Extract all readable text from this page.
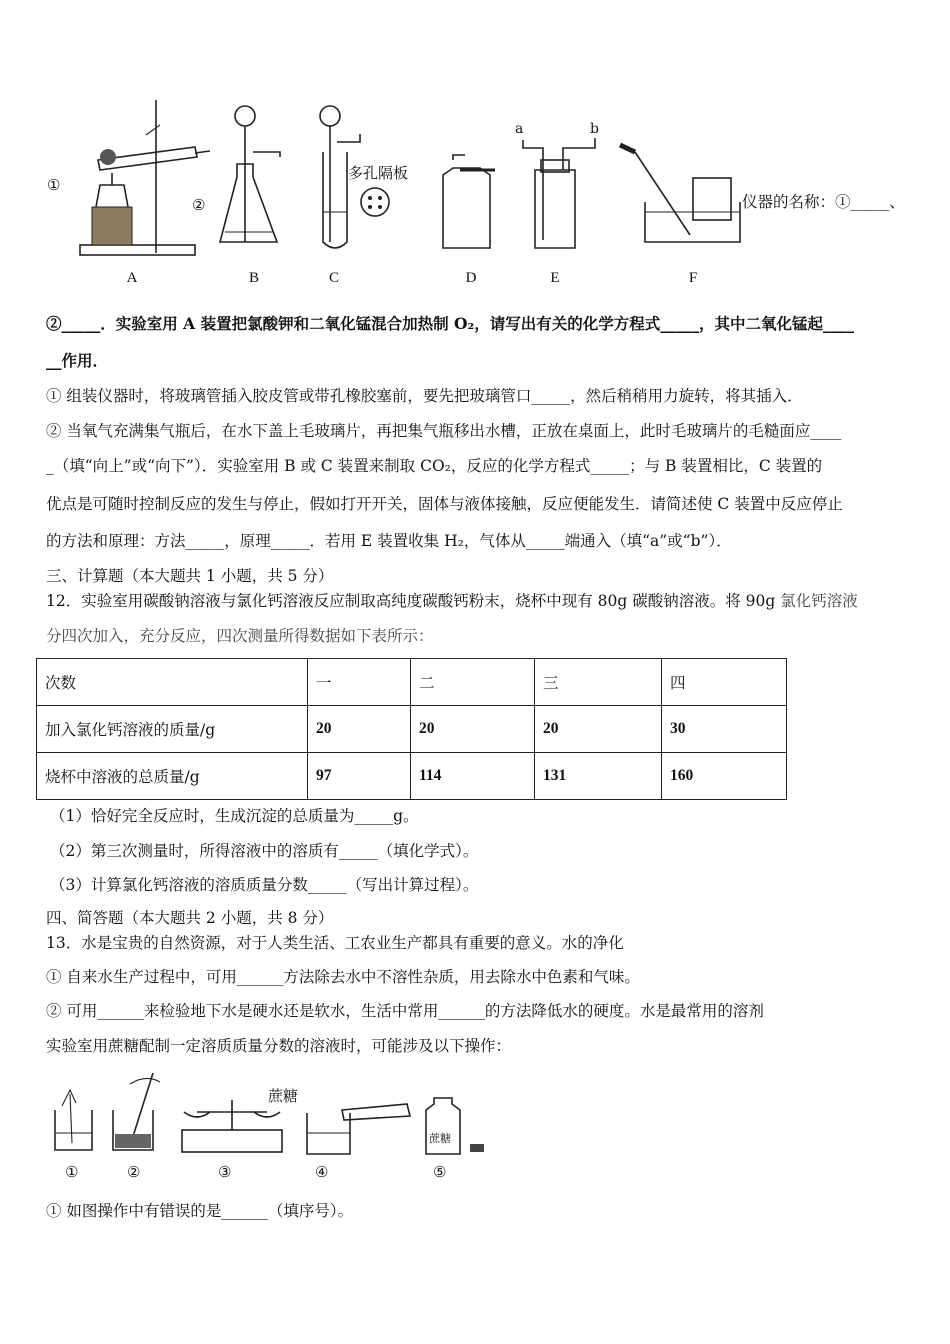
①
②
多孔隔板
a	b
A	B	C	D	E	F
仪器的名称：①_____、
②_____．实验室用 A 装置把氯酸钾和二氧化锰混合加热制 O₂，请写出有关的化学方程式_____，其中二氧化锰起____
__作用．
① 组装仪器时，将玻璃管插入胶皮管或带孔橡胶塞前，要先把玻璃管口_____，然后稍稍用力旋转，将其插入．
② 当氧气充满集气瓶后，在水下盖上毛玻璃片，再把集气瓶移出水槽，正放在桌面上，此时毛玻璃片的毛糙面应____
_（填“向上”或“向下”）．实验室用 B 或 C 装置来制取 CO₂，反应的化学方程式_____；与 B 装置相比，C 装置的
优点是可随时控制反应的发生与停止，假如打开开关，固体与液体接触，反应便能发生．请简述使 C 装置中反应停止
的方法和原理：方法_____，原理_____．若用 E 装置收集 H₂，气体从_____端通入（填“a”或“b”）．
三、计算题（本大题共 1 小题，共 5 分）
12．实验室用碳酸钠溶液与氯化钙溶液反应制取高纯度碳酸钙粉末，烧杯中现有 80g 碳酸钠溶液。将 90g 氯化钙溶液
分四次加入，充分反应，四次测量所得数据如下表所示：
次数	一	二	三	四
加入氯化钙溶液的质量/g	20	20	20	30
烧杯中溶液的总质量/g	97	114	131	160
（1）恰好完全反应时，生成沉淀的总质量为_____g。
（2）第三次测量时，所得溶液中的溶质有_____（填化学式）。
（3）计算氯化钙溶液的溶质质量分数_____（写出计算过程）。
四、简答题（本大题共 2 小题，共 8 分）
13．水是宝贵的自然资源，对于人类生活、工农业生产都具有重要的意义。水的净化
① 自来水生产过程中，可用______方法除去水中不溶性杂质，用去除水中色素和气味。
② 可用______来检验地下水是硬水还是软水，生活中常用______的方法降低水的硬度。水是最常用的溶剂
实验室用蔗糖配制一定溶质质量分数的溶液时，可能涉及以下操作：
蔗糖
蔗糖
①	②	③	④	⑤
① 如图操作中有错误的是______（填序号）。
